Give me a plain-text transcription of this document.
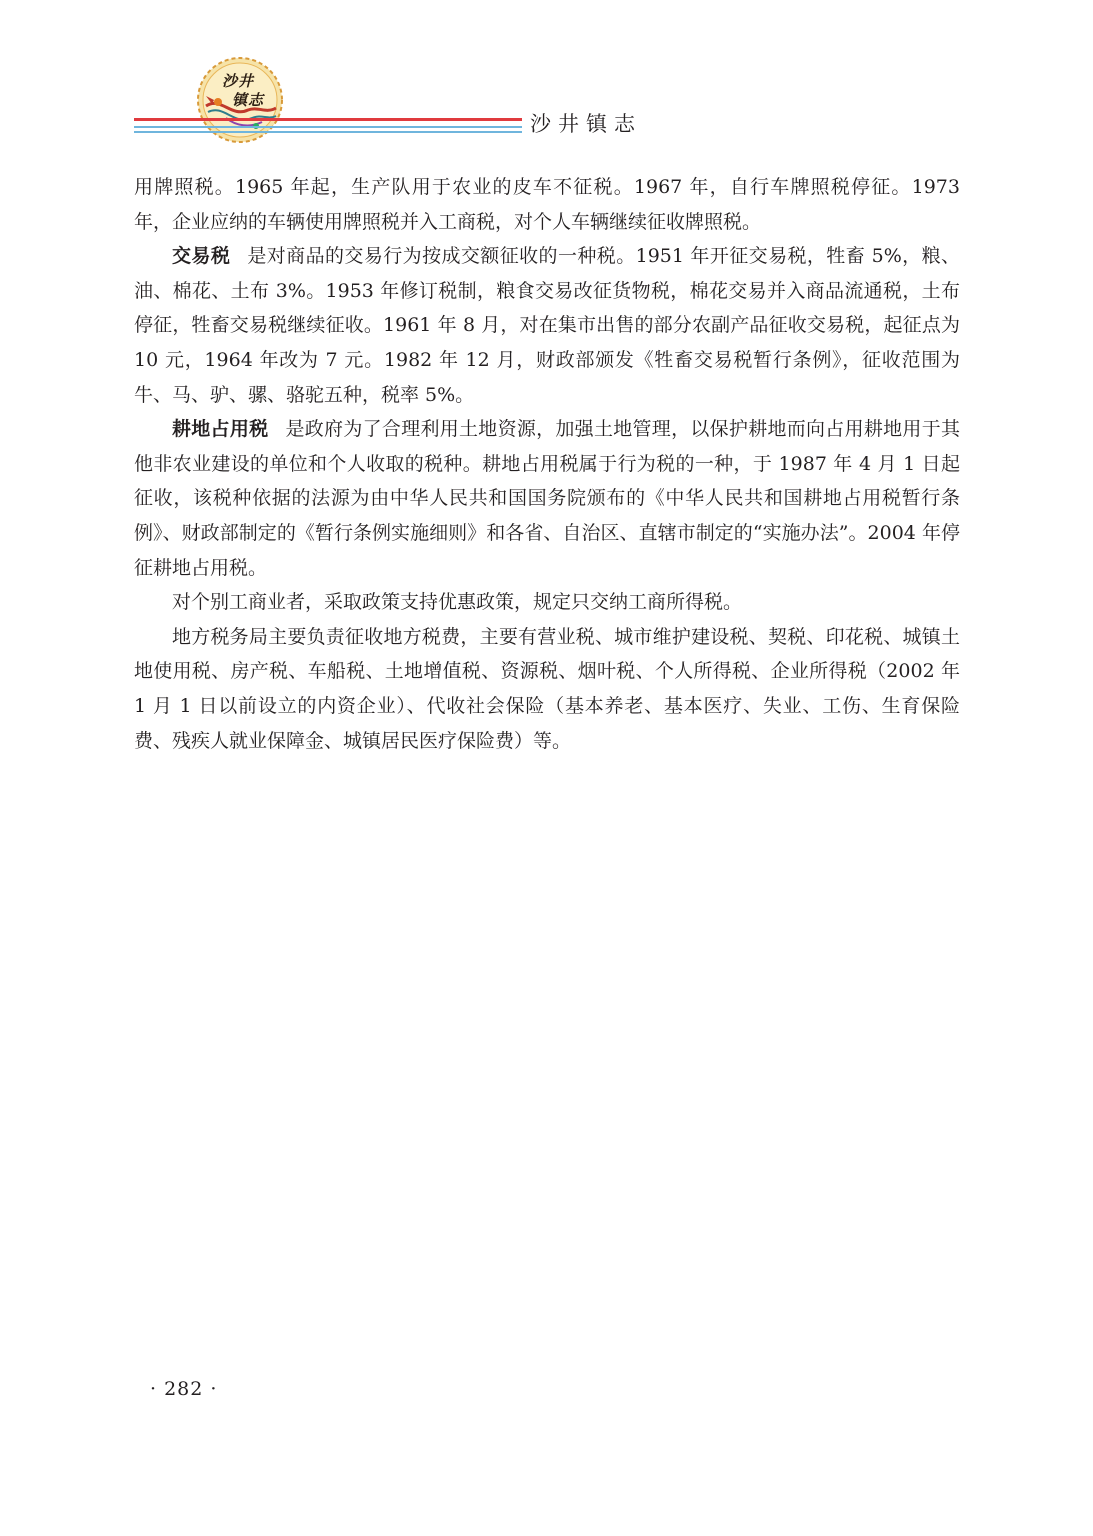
沙井
镇志
沙井镇志

用牌照税。1965 年起，生产队用于农业的皮车不征税。1967 年，自行车牌照税停征。1973 年，企业应纳的车辆使用牌照税并入工商税，对个人车辆继续征收牌照税。

交易税 是对商品的交易行为按成交额征收的一种税。1951 年开征交易税，牲畜 5%，粮、油、棉花、土布 3%。1953 年修订税制，粮食交易改征货物税，棉花交易并入商品流通税，土布停征，牲畜交易税继续征收。1961 年 8 月，对在集市出售的部分农副产品征收交易税，起征点为 10 元，1964 年改为 7 元。1982 年 12 月，财政部颁发《牲畜交易税暂行条例》，征收范围为牛、马、驴、骡、骆驼五种，税率 5%。

耕地占用税 是政府为了合理利用土地资源，加强土地管理，以保护耕地而向占用耕地用于其他非农业建设的单位和个人收取的税种。耕地占用税属于行为税的一种，于 1987 年 4 月 1 日起征收，该税种依据的法源为由中华人民共和国国务院颁布的《中华人民共和国耕地占用税暂行条例》、财政部制定的《暂行条例实施细则》和各省、自治区、直辖市制定的“实施办法”。2004 年停征耕地占用税。

对个别工商业者，采取政策支持优惠政策，规定只交纳工商所得税。

地方税务局主要负责征收地方税费，主要有营业税、城市维护建设税、契税、印花税、城镇土地使用税、房产税、车船税、土地增值税、资源税、烟叶税、个人所得税、企业所得税（2002 年 1 月 1 日以前设立的内资企业）、代收社会保险（基本养老、基本医疗、失业、工伤、生育保险费、残疾人就业保障金、城镇居民医疗保险费）等。

· 282 ·
